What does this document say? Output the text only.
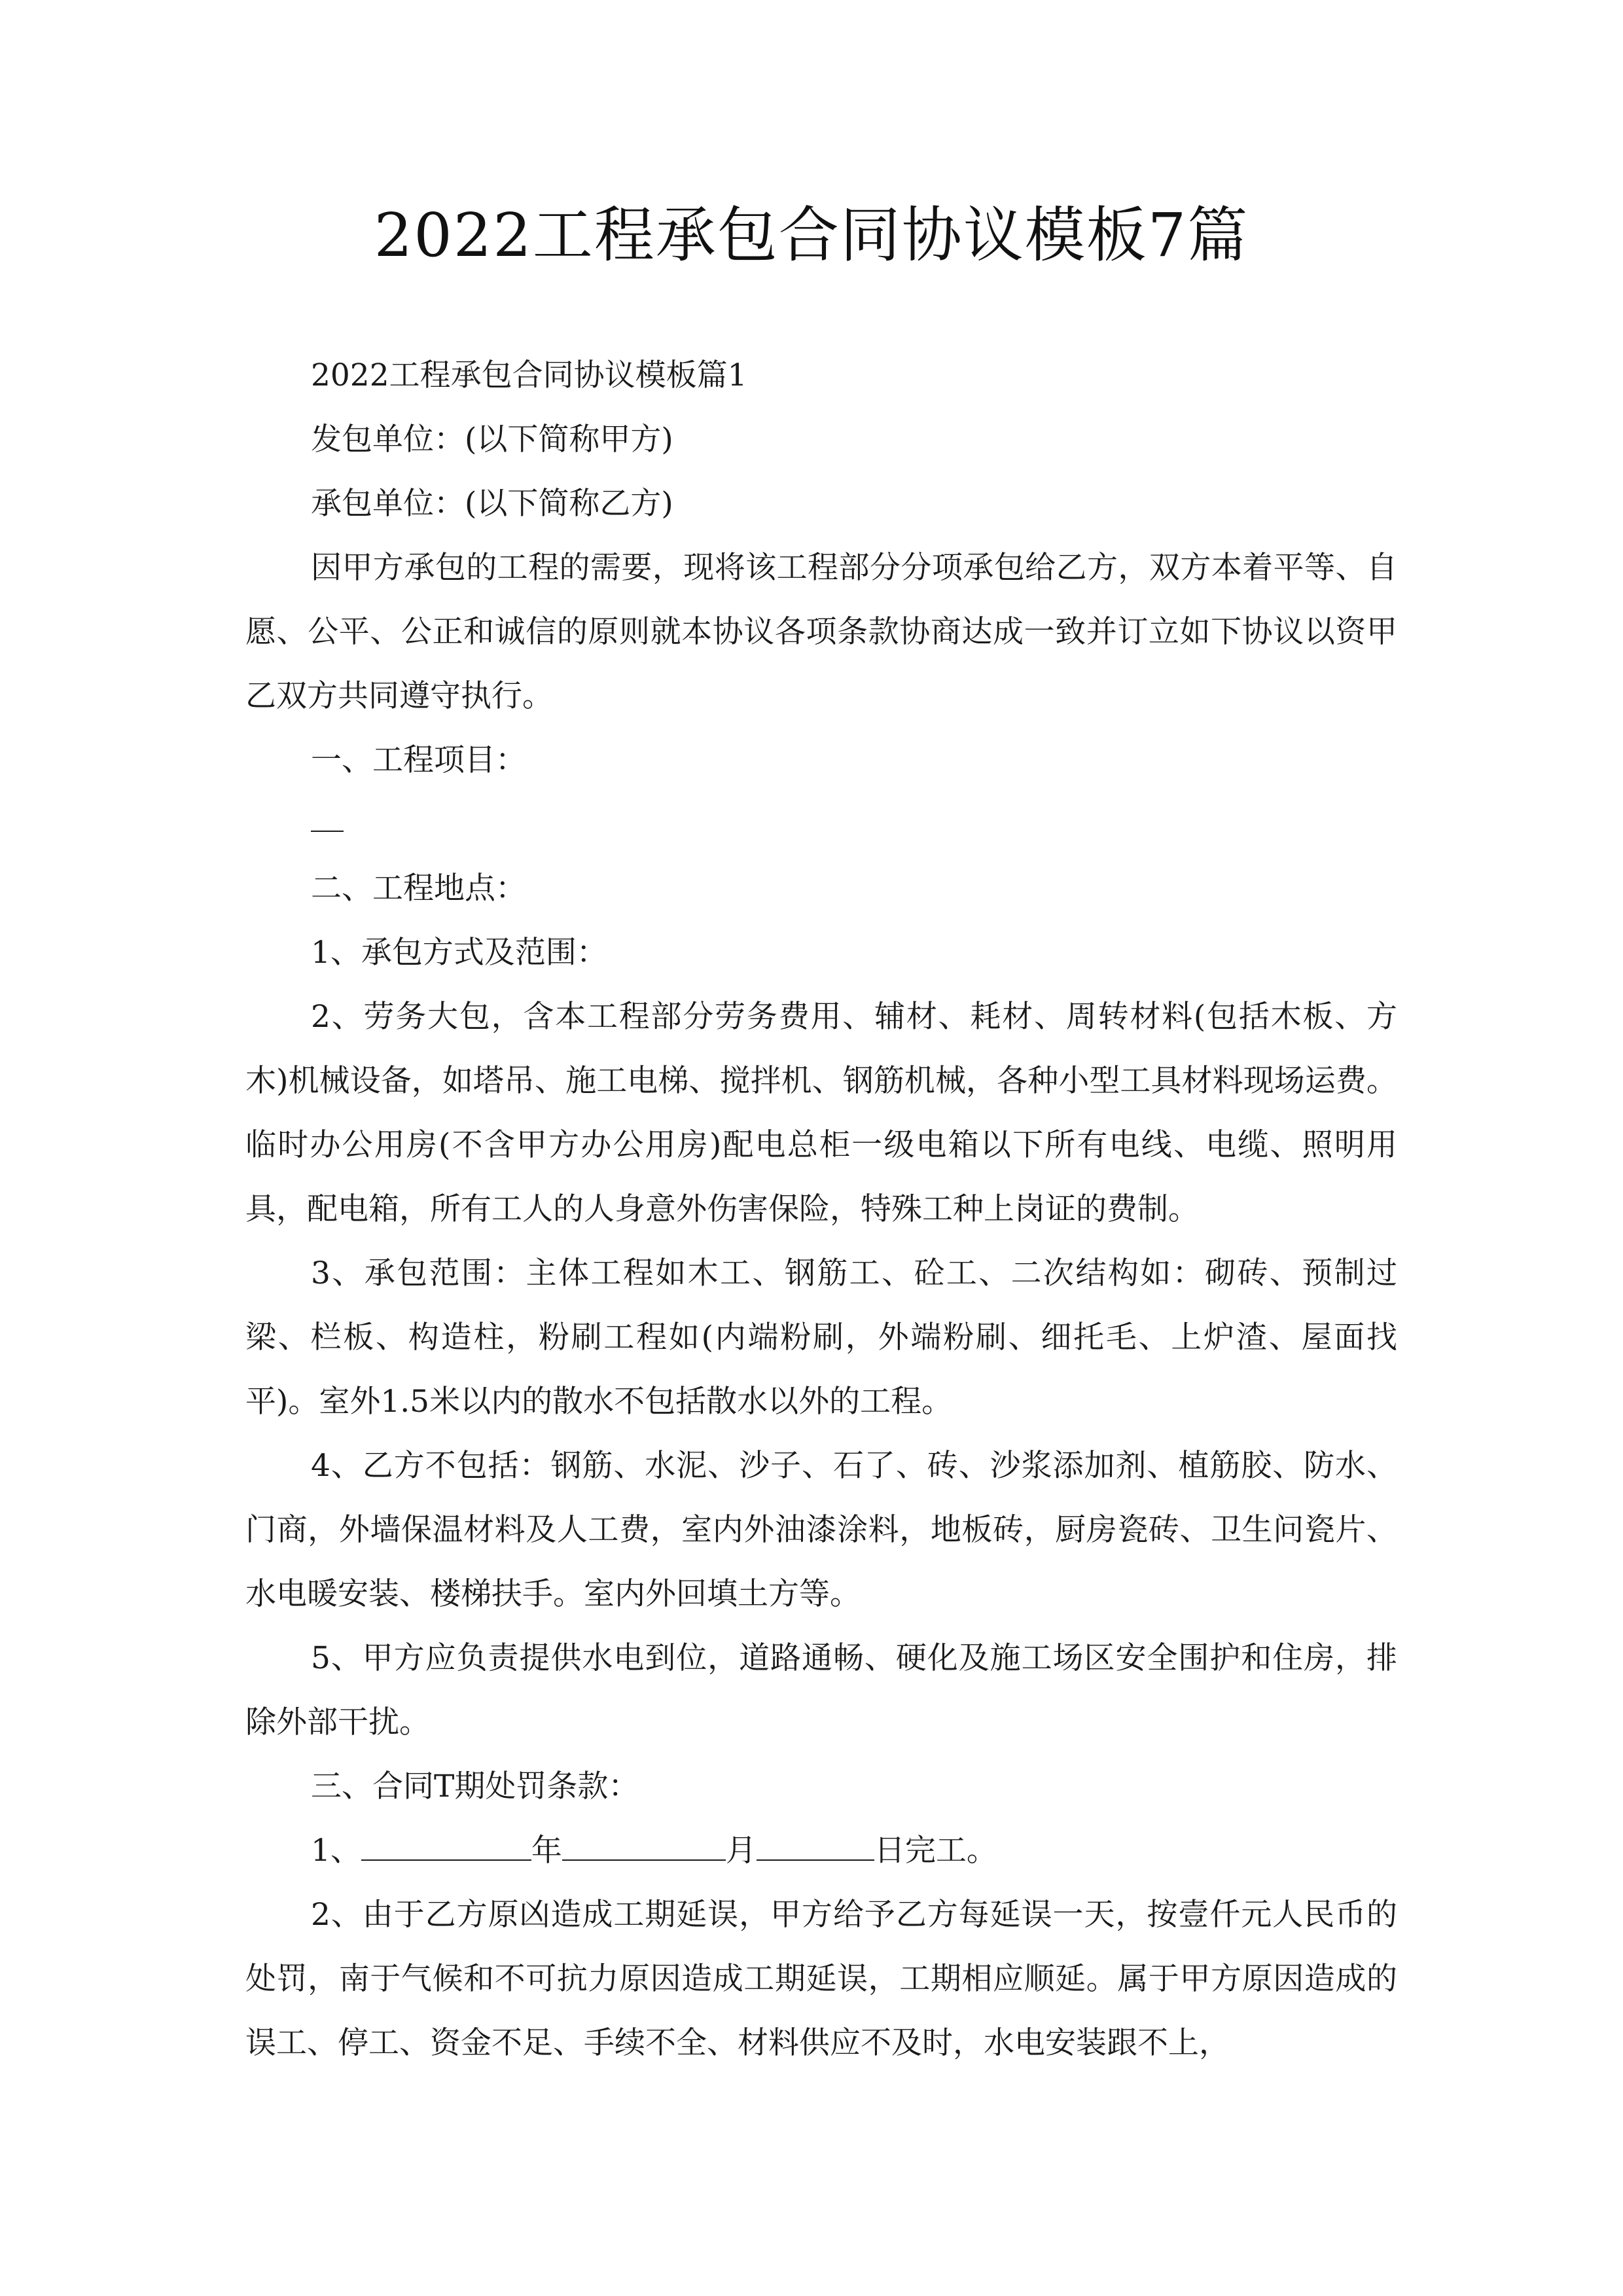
2022工程承包合同协议模板7篇

2022工程承包合同协议模板篇1

发包单位：(以下简称甲方)

承包单位：(以下简称乙方)

因甲方承包的工程的需要，现将该工程部分分项承包给乙方，双方本着平等、自愿、公平、公正和诚信的原则就本协议各项条款协商达成一致并订立如下协议以资甲乙双方共同遵守执行。

一、工程项目：

二、工程地点：

1、承包方式及范围：

2、劳务大包，含本工程部分劳务费用、辅材、耗材、周转材料(包括木板、方木)机械设备，如塔吊、施工电梯、搅拌机、钢筋机械，各种小型工具材料现场运费。临时办公用房(不含甲方办公用房)配电总柜一级电箱以下所有电线、电缆、照明用具，配电箱，所有工人的人身意外伤害保险，特殊工种上岗证的费制。

3、承包范围：主体工程如木工、钢筋工、砼工、二次结构如：砌砖、预制过梁、栏板、构造柱，粉刷工程如(内端粉刷，外端粉刷、细托毛、上炉渣、屋面找平)。室外1.5米以内的散水不包括散水以外的工程。

4、乙方不包括：钢筋、水泥、沙子、石了、砖、沙浆添加剂、植筋胶、防水、门商，外墙保温材料及人工费，室内外油漆涂料，地板砖，厨房瓷砖、卫生问瓷片、水电暖安装、楼梯扶手。室内外回填土方等。

5、甲方应负责提供水电到位，道路通畅、硬化及施工场区安全围护和住房，排除外部干扰。

三、合同T期处罚条款：

1、	年	月	日完工。

2、由于乙方原凶造成工期延误，甲方给予乙方每延误一天，按壹仟元人民币的处罚，南于气候和不可抗力原因造成工期延误，工期相应顺延。属于甲方原因造成的误工、停工、资金不足、手续不全、材料供应不及时，水电安装跟不上，
